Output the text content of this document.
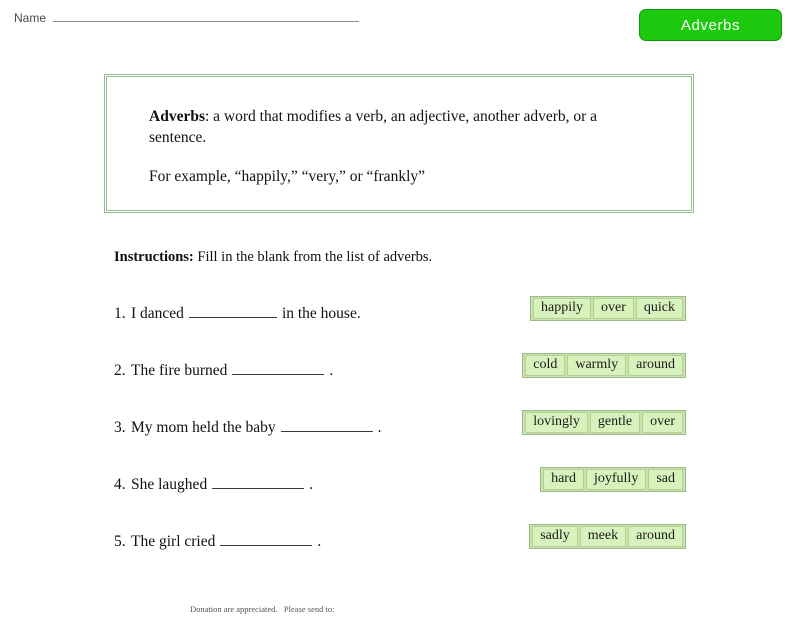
Name	Adverbs
Adverbs: a word that modifies a verb, an adjective, another adverb, or a sentence.
For example, “happily,” “very,” or “frankly”
Instructions: Fill in the blank from the list of adverbs.
1. I danced	in the house.	happily	over	quick
2. The fire burned	.	cold	warmly	around
3. My mom held the baby	.	lovingly	gentle	over
4. She laughed	.	hard	joyfully	sad
5. The girl cried	.	sadly	meek	around

Donation are appreciated.   Please send to:
